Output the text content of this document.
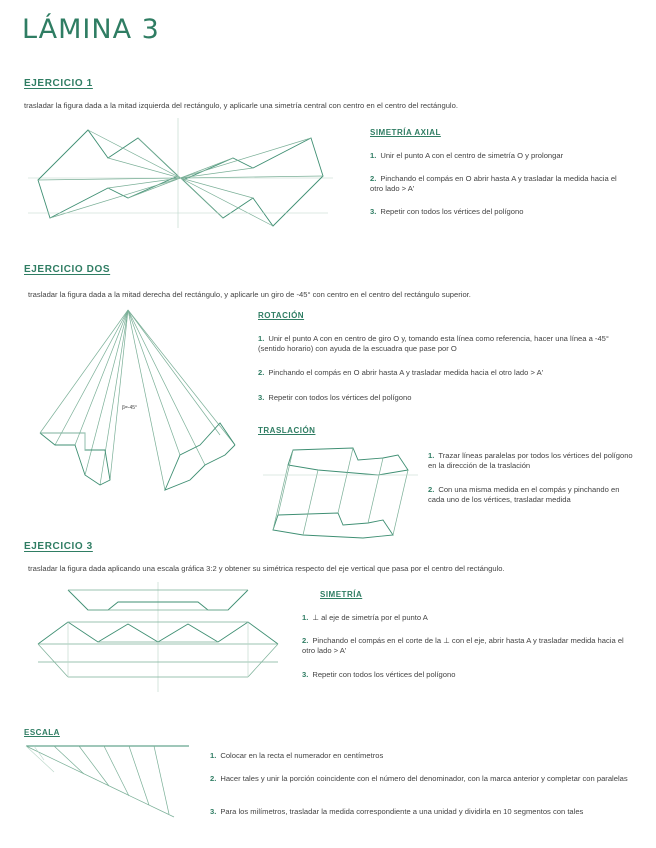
LÁMINA 3
EJERCICIO 1
trasladar la figura dada a la mitad izquierda del rectángulo, y aplicarle una simetría central con centro en el centro del rectángulo.
SIMETRÍA AXIAL
1. Unir el punto A con el centro de simetría O y prolongar
2. Pinchando el compás en O abrir hasta A y trasladar la medida hacia el otro lado > A'
3. Repetir con todos los vértices del polígono
EJERCICIO DOS
trasladar la figura dada a la mitad derecha del rectángulo, y aplicarle un giro de -45° con centro en el centro del rectángulo superior.
β=-45°
ROTACIÓN
1. Unir el punto A con en centro de giro O y, tomando esta línea como referencia, hacer una línea a -45° (sentido horario) con ayuda de la escuadra que pase por O
2. Pinchando el compás en O abrir hasta A y trasladar medida hacia el otro lado > A'
3. Repetir con todos los vértices del polígono
TRASLACIÓN
1. Trazar líneas paralelas por todos los vértices del polígono en la dirección de la traslación
2. Con una misma medida en el compás y pinchando en cada uno de los vértices, trasladar medida
EJERCICIO 3
trasladar la figura dada aplicando una escala gráfica 3:2 y obtener su simétrica respecto del eje vertical que pasa por el centro del rectángulo.
SIMETRÍA
1. ⊥ al eje de simetría por el punto A
2. Pinchando el compás en el corte de la ⊥ con el eje, abrir hasta A y trasladar medida hacia el otro lado > A'
3. Repetir con todos los vértices del polígono
ESCALA
1. Colocar en la recta el numerador en centímetros
2. Hacer tales y unir la porción coincidente con el número del denominador, con la marca anterior y completar con paralelas
3. Para los milímetros, trasladar la medida correspondiente a una unidad y dividirla en 10 segmentos con tales
